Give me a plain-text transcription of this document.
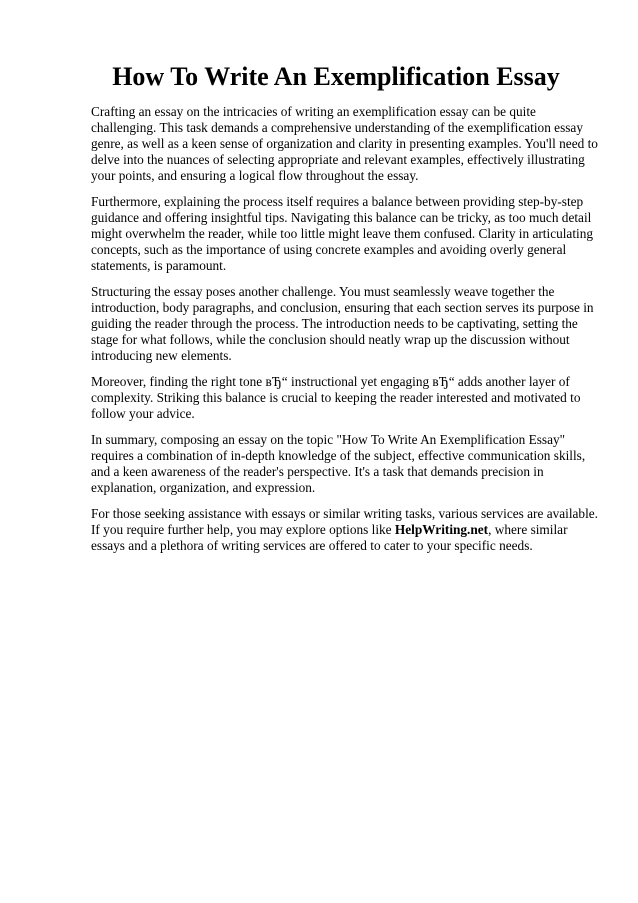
How To Write An Exemplification Essay

Crafting an essay on the intricacies of writing an exemplification essay can be quite challenging. This task demands a comprehensive understanding of the exemplification essay genre, as well as a keen sense of organization and clarity in presenting examples. You'll need to delve into the nuances of selecting appropriate and relevant examples, effectively illustrating your points, and ensuring a logical flow throughout the essay.

Furthermore, explaining the process itself requires a balance between providing step-by-step guidance and offering insightful tips. Navigating this balance can be tricky, as too much detail might overwhelm the reader, while too little might leave them confused. Clarity in articulating concepts, such as the importance of using concrete examples and avoiding overly general statements, is paramount.

Structuring the essay poses another challenge. You must seamlessly weave together the introduction, body paragraphs, and conclusion, ensuring that each section serves its purpose in guiding the reader through the process. The introduction needs to be captivating, setting the stage for what follows, while the conclusion should neatly wrap up the discussion without introducing new elements.

Moreover, finding the right tone вЂ“ instructional yet engaging вЂ“ adds another layer of complexity. Striking this balance is crucial to keeping the reader interested and motivated to follow your advice.

In summary, composing an essay on the topic "How To Write An Exemplification Essay" requires a combination of in-depth knowledge of the subject, effective communication skills, and a keen awareness of the reader's perspective. It's a task that demands precision in explanation, organization, and expression.

For those seeking assistance with essays or similar writing tasks, various services are available. If you require further help, you may explore options like HelpWriting.net, where similar essays and a plethora of writing services are offered to cater to your specific needs.
